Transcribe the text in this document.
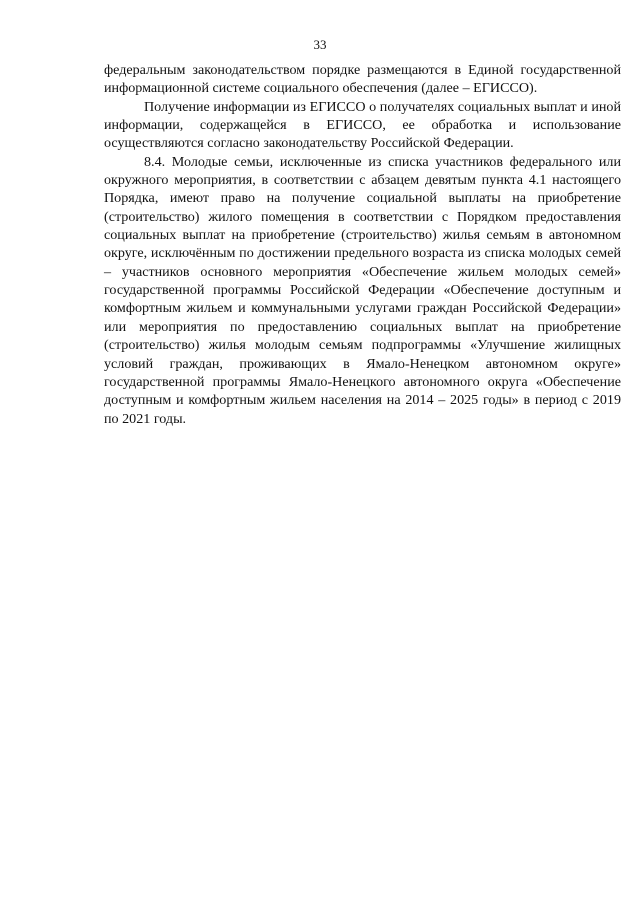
33

федеральным законодательством порядке размещаются в Единой государственной информационной системе социального обеспечения (далее – ЕГИССО).

Получение информации из ЕГИССО о получателях социальных выплат и иной информации, содержащейся в ЕГИССО, ее обработка и использование осуществляются согласно законодательству Российской Федерации.

8.4. Молодые семьи, исключенные из списка участников федерального или окружного мероприятия, в соответствии с абзацем девятым пункта 4.1 настоящего Порядка, имеют право на получение социальной выплаты на приобретение (строительство) жилого помещения в соответствии с Порядком предоставления социальных выплат на приобретение (строительство) жилья семьям в автономном округе, исключённым по достижении предельного возраста из списка молодых семей – участников основного мероприятия «Обеспечение жильем молодых семей» государственной программы Российской Федерации «Обеспечение доступным и комфортным жильем и коммунальными услугами граждан Российской Федерации» или мероприятия по предоставлению социальных выплат на приобретение (строительство) жилья молодым семьям подпрограммы «Улучшение жилищных условий граждан, проживающих в Ямало-Ненецком автономном округе» государственной программы Ямало-Ненецкого автономного округа «Обеспечение доступным и комфортным жильем населения на 2014 – 2025 годы» в период с 2019 по 2021 годы.
